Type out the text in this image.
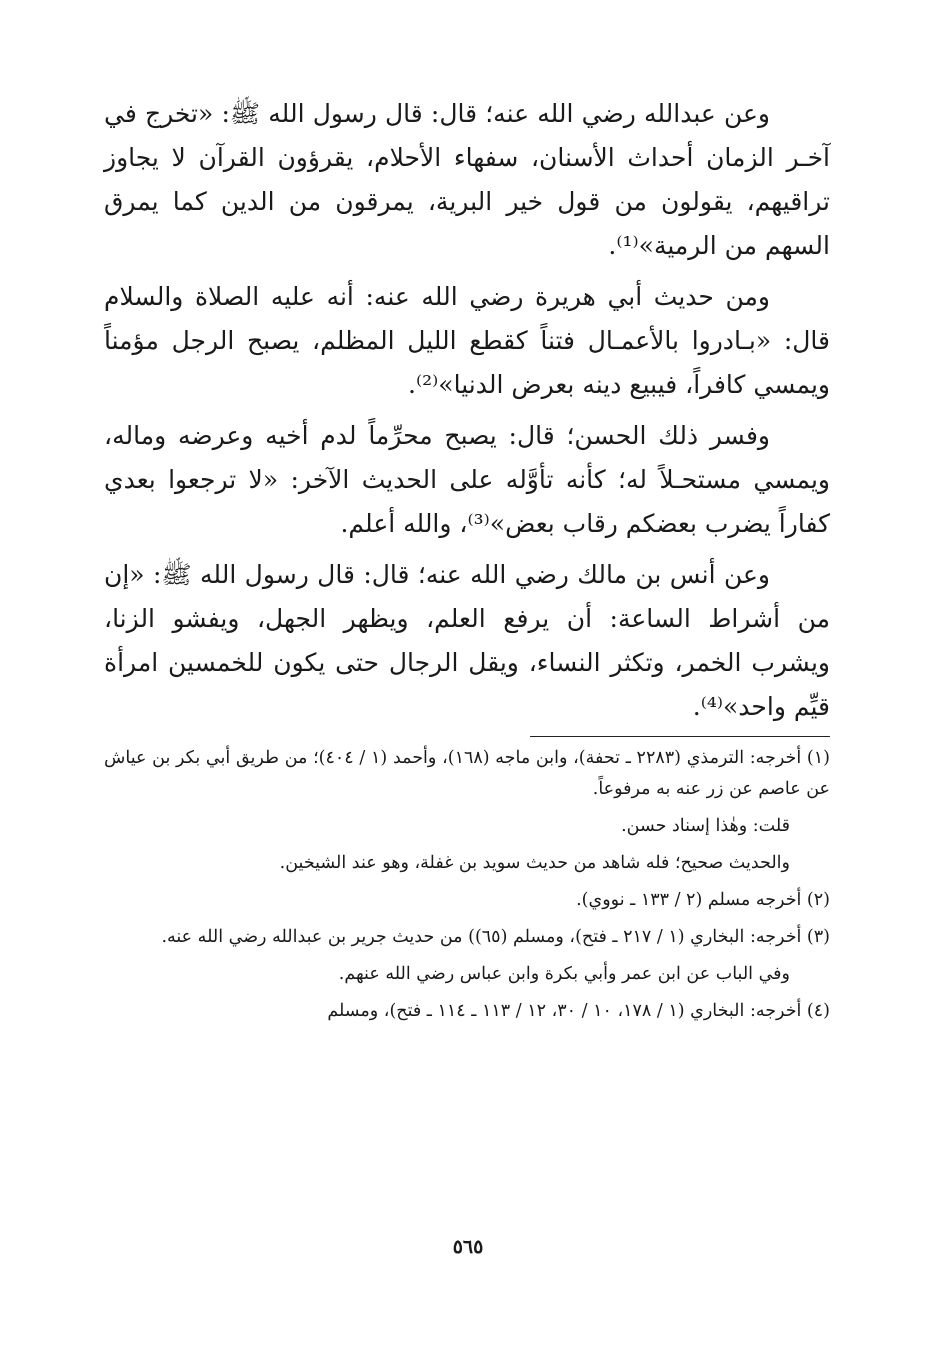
وعن عبدالله رضي الله عنه؛ قال: قال رسول الله ﷺ: «تخرج في آخـر الزمان أحداث الأسنان، سفهاء الأحلام، يقرؤون القرآن لا يجاوز تراقيهم، يقولون من قول خير البرية، يمرقون من الدين كما يمرق السهم من الرمية»⁽¹⁾.

ومن حديث أبي هريرة رضي الله عنه: أنه عليه الصلاة والسلام قال: «بـادروا بالأعمـال فتناً كقطع الليل المظلم، يصبح الرجل مؤمناً ويمسي كافراً، فيبيع دينه بعرض الدنيا»⁽²⁾.

وفسر ذلك الحسن؛ قال: يصبح محرِّماً لدم أخيه وعرضه وماله، ويمسي مستحـلاً له؛ كأنه تأوَّله على الحديث الآخر: «لا ترجعوا بعدي كفاراً يضرب بعضكم رقاب بعض»⁽³⁾، والله أعلم.

وعن أنس بن مالك رضي الله عنه؛ قال: قال رسول الله ﷺ: «إن من أشراط الساعة: أن يرفع العلم، ويظهر الجهل، ويفشو الزنا، ويشرب الخمر، وتكثر النساء، ويقل الرجال حتى يكون للخمسين امرأة قيِّم واحد»⁽⁴⁾.

(١) أخرجه: الترمذي (٢٢٨٣ ـ تحفة)، وابن ماجه (١٦٨)، وأحمد (١ / ٤٠٤)؛ من طريق أبي بكر بن عياش عن عاصم عن زر عنه به مرفوعاً.

قلت: وهٰذا إسناد حسن.

والحديث صحيح؛ فله شاهد من حديث سويد بن غفلة، وهو عند الشيخين.

(٢) أخرجه مسلم (٢ / ١٣٣ ـ نووي).

(٣) أخرجه: البخاري (١ / ٢١٧ ـ فتح)، ومسلم (٦٥)) من حديث جرير بن عبدالله رضي الله عنه.

وفي الباب عن ابن عمر وأبي بكرة وابن عباس رضي الله عنهم.

(٤) أخرجه: البخاري (١ / ١٧٨، ١٠ / ٣٠، ١٢ / ١١٣ ـ ١١٤ ـ فتح)، ومسلم

٥٦٥
